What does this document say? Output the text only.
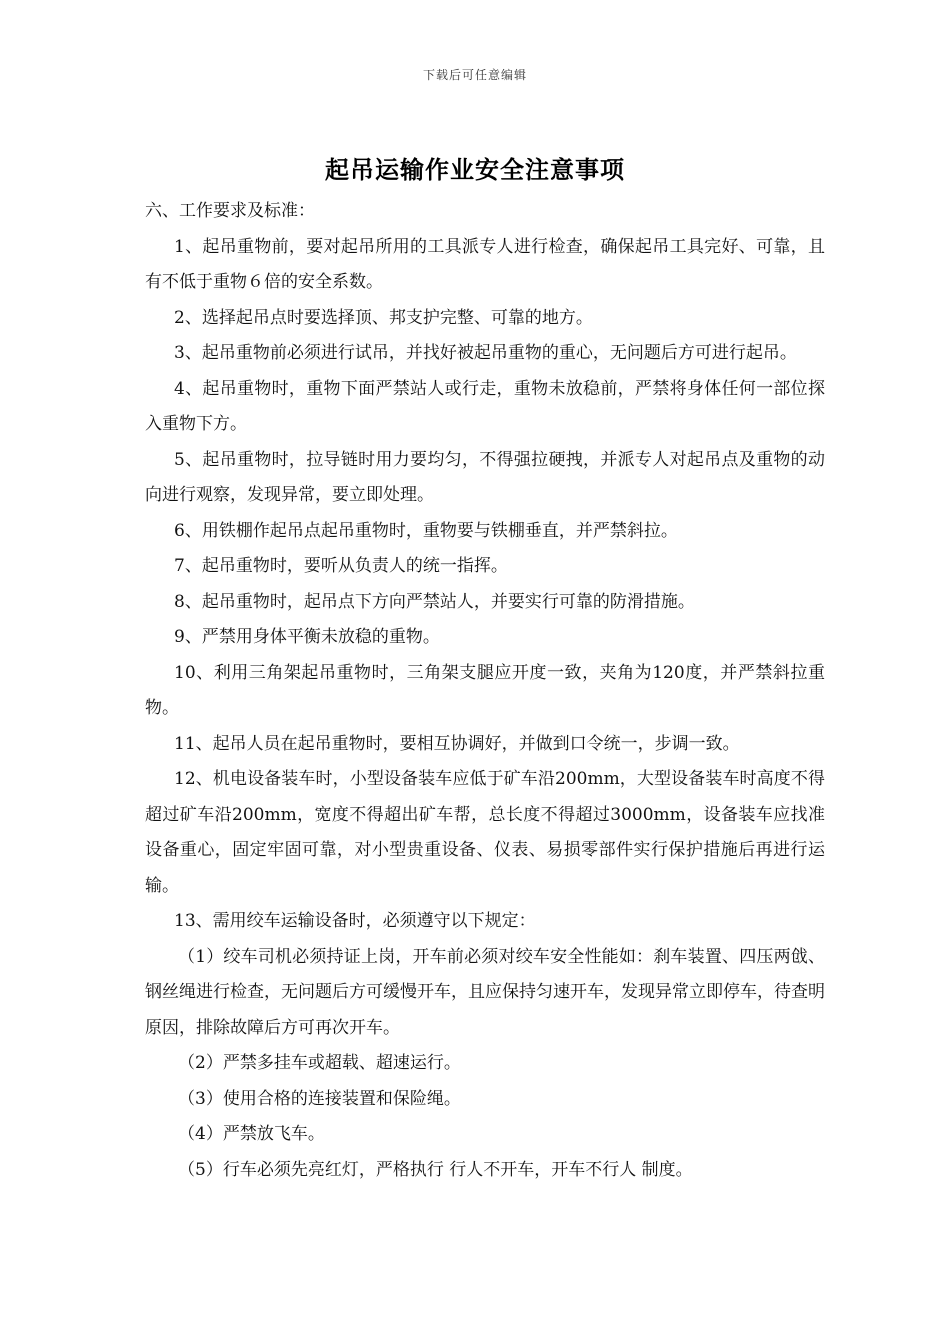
下载后可任意编辑
起吊运输作业安全注意事项

六、工作要求及标准：

1、起吊重物前，要对起吊所用的工具派专人进行检查，确保起吊工具完好、可靠，且有不低于重物６倍的安全系数。

2、选择起吊点时要选择顶、邦支护完整、可靠的地方。

3、起吊重物前必须进行试吊，并找好被起吊重物的重心，无问题后方可进行起吊。

4、起吊重物时，重物下面严禁站人或行走，重物未放稳前，严禁将身体任何一部位探入重物下方。

5、起吊重物时，拉导链时用力要均匀，不得强拉硬拽，并派专人对起吊点及重物的动向进行观察，发现异常，要立即处理。

6、用铁棚作起吊点起吊重物时，重物要与铁棚垂直，并严禁斜拉。

7、起吊重物时，要听从负责人的统一指挥。

8、起吊重物时，起吊点下方向严禁站人，并要实行可靠的防滑措施。

9、严禁用身体平衡未放稳的重物。

10、利用三角架起吊重物时，三角架支腿应开度一致，夹角为120度，并严禁斜拉重物。

11、起吊人员在起吊重物时，要相互协调好，并做到口令统一，步调一致。

12、机电设备装车时，小型设备装车应低于矿车沿200mm，大型设备装车时高度不得超过矿车沿200mm，宽度不得超出矿车帮，总长度不得超过3000mm，设备装车应找准设备重心，固定牢固可靠，对小型贵重设备、仪表、易损零部件实行保护措施后再进行运输。

13、需用绞车运输设备时，必须遵守以下规定：

（1）绞车司机必须持证上岗，开车前必须对绞车安全性能如：刹车装置、四压两戗、钢丝绳进行检查，无问题后方可缓慢开车，且应保持匀速开车，发现异常立即停车，待查明原因，排除故障后方可再次开车。

（2）严禁多挂车或超载、超速运行。

（3）使用合格的连接装置和保险绳。

（4）严禁放飞车。

（5）行车必须先亮红灯，严格执行 行人不开车，开车不行人 制度。
